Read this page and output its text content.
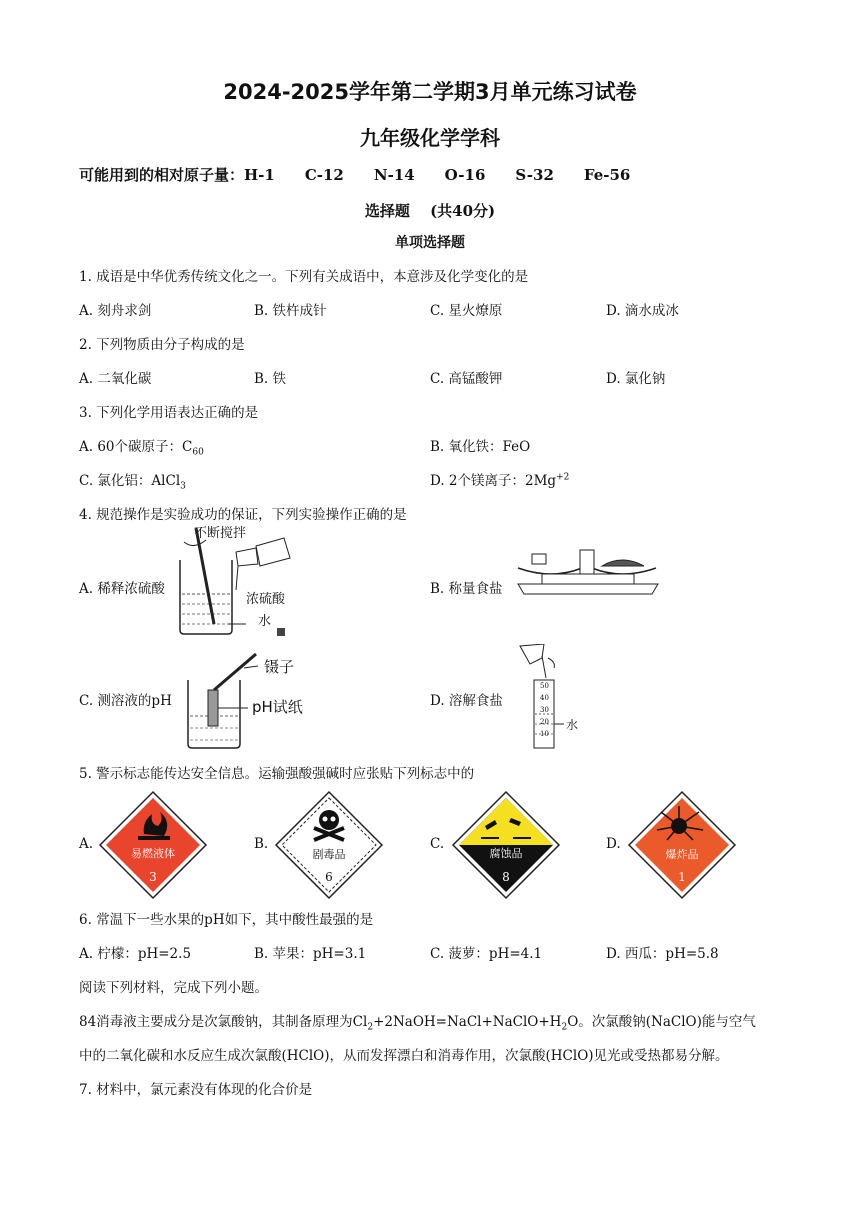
2024-2025学年第二学期3月单元练习试卷
九年级化学学科
可能用到的相对原子量：H-1　　C-12　　N-14　　O-16　　S-32　　Fe-56
选择题　 (共40分)
单项选择题
1. 成语是中华优秀传统文化之一。下列有关成语中，本意涉及化学变化的是
A. 刻舟求剑	B. 铁杵成针	C. 星火燎原	D. 滴水成冰
2. 下列物质由分子构成的是
A. 二氧化碳	B. 铁	C. 高锰酸钾	D. 氯化钠
3. 下列化学用语表达正确的是
A. 60个碳原子：$C_{60}$	B. 氧化铁：FeO
C. 氯化铝：AlCl$_3$	D. 2个镁离子：$2Mg^{+2}$
4. 规范操作是实验成功的保证，下列实验操作正确的是
A. 稀释浓硫酸	B. 称量食盐
C. 测溶液的pH	D. 溶解食盐
不断搅拌
浓硫酸
水
镊子
pH试纸
50
40
30
20
10
水
5. 警示标志能传达安全信息。运输强酸强碱时应张贴下列标志中的
A.	B.	C.	D.
易燃液体
3
剧毒品
6
腐蚀品
8
爆炸品
1
6. 常温下一些水果的pH如下，其中酸性最强的是
A. 柠檬：pH=2.5	B. 苹果：pH=3.1	C. 菠萝：pH=4.1	D. 西瓜：pH=5.8
阅读下列材料，完成下列小题。
84消毒液主要成分是次氯酸钠，其制备原理为$Cl_2+2NaOH=NaCl+NaClO+H_2O$。次氯酸钠(NaClO)能与空气
中的二氧化碳和水反应生成次氯酸(HClO)，从而发挥漂白和消毒作用，次氯酸(HClO)见光或受热都易分解。
7. 材料中，氯元素没有体现的化合价是
